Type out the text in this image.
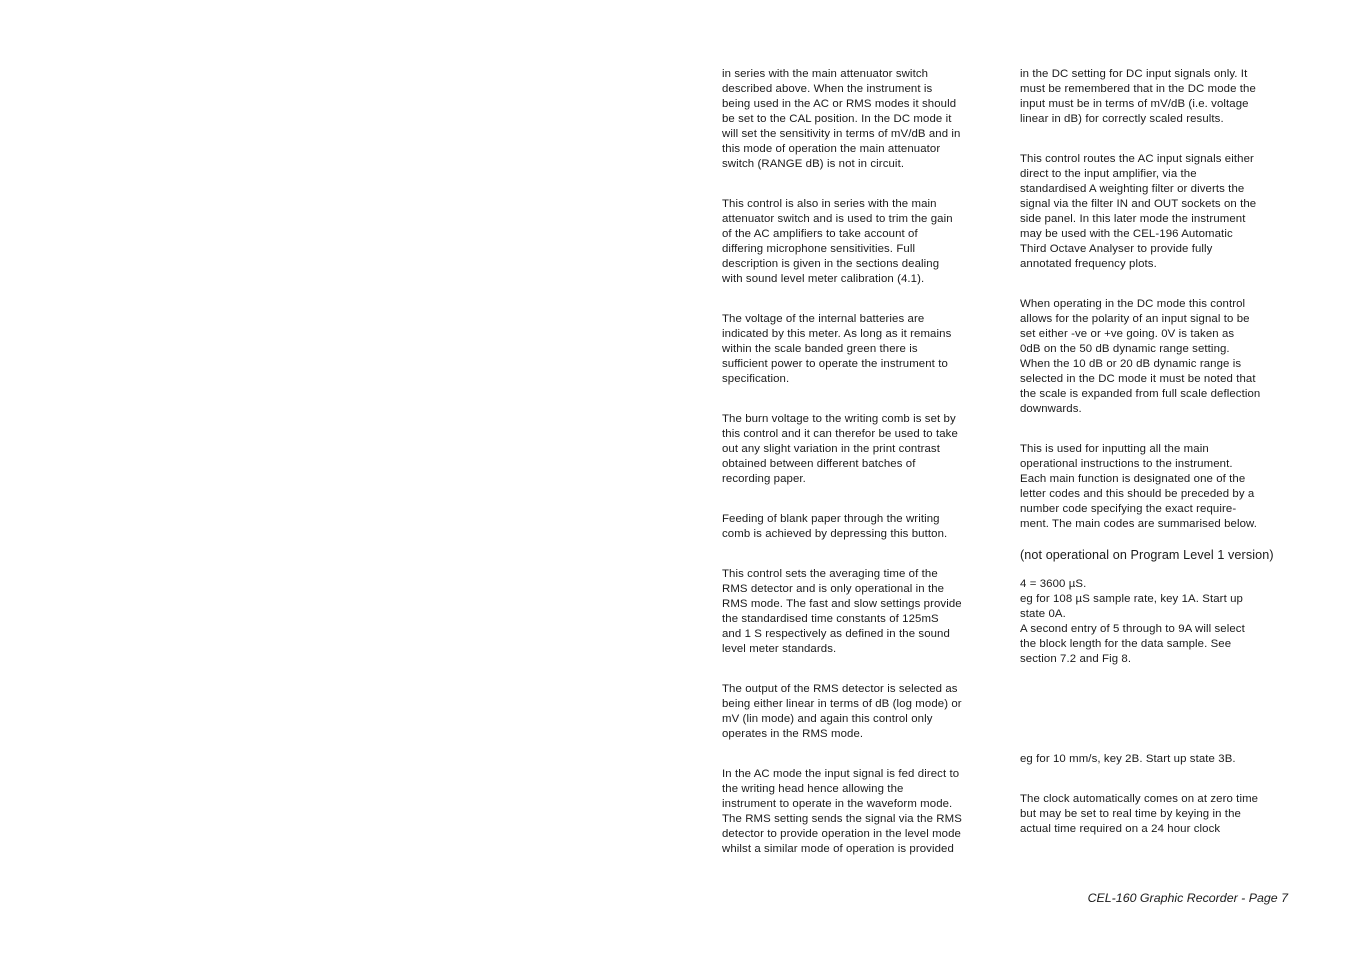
in series with the main attenuator switch
described above. When the instrument is
being used in the AC or RMS modes it should
be set to the CAL position. In the DC mode it
will set the sensitivity in terms of mV/dB and in
this mode of operation the main attenuator
switch (RANGE dB) is not in circuit.

This control is also in series with the main
attenuator switch and is used to trim the gain
of the AC amplifiers to take account of
differing microphone sensitivities. Full
description is given in the sections dealing
with sound level meter calibration (4.1).

The voltage of the internal batteries are
indicated by this meter. As long as it remains
within the scale banded green there is
sufficient power to operate the instrument to
specification.

The burn voltage to the writing comb is set by
this control and it can therefor be used to take
out any slight variation in the print contrast
obtained between different batches of
recording paper.

Feeding of blank paper through the writing
comb is achieved by depressing this button.

This control sets the averaging time of the
RMS detector and is only operational in the
RMS mode. The fast and slow settings provide
the standardised time constants of 125mS
and 1 S respectively as defined in the sound
level meter standards.

The output of the RMS detector is selected as
being either linear in terms of dB (log mode) or
mV (lin mode) and again this control only
operates in the RMS mode.

In the AC mode the input signal is fed direct to
the writing head hence allowing the
instrument to operate in the waveform mode.
The RMS setting sends the signal via the RMS
detector to provide operation in the level mode
whilst a similar mode of operation is provided

in the DC setting for DC input signals only. It
must be remembered that in the DC mode the
input must be in terms of mV/dB (i.e. voltage
linear in dB) for correctly scaled results.

This control routes the AC input signals either
direct to the input amplifier, via the
standardised A weighting filter or diverts the
signal via the filter IN and OUT sockets on the
side panel. In this later mode the instrument
may be used with the CEL-196 Automatic
Third Octave Analyser to provide fully
annotated frequency plots.

When operating in the DC mode this control
allows for the polarity of an input signal to be
set either -ve or +ve going. 0V is taken as
0dB on the 50 dB dynamic range setting.
When the 10 dB or 20 dB dynamic range is
selected in the DC mode it must be noted that
the scale is expanded from full scale deflection
downwards.

This is used for inputting all the main
operational instructions to the instrument.
Each main function is designated one of the
letter codes and this should be preceded by a
number code specifying the exact require-
ment. The main codes are summarised below.

(not operational on Program Level 1 version)

4 = 3600 µS.
eg for 108 µS sample rate, key 1A. Start up
state 0A.
A second entry of 5 through to 9A will select
the block length for the data sample. See
section 7.2 and Fig 8.

eg for 10 mm/s, key 2B. Start up state 3B.

The clock automatically comes on at zero time
but may be set to real time by keying in the
actual time required on a 24 hour clock

CEL-160 Graphic Recorder - Page 7
